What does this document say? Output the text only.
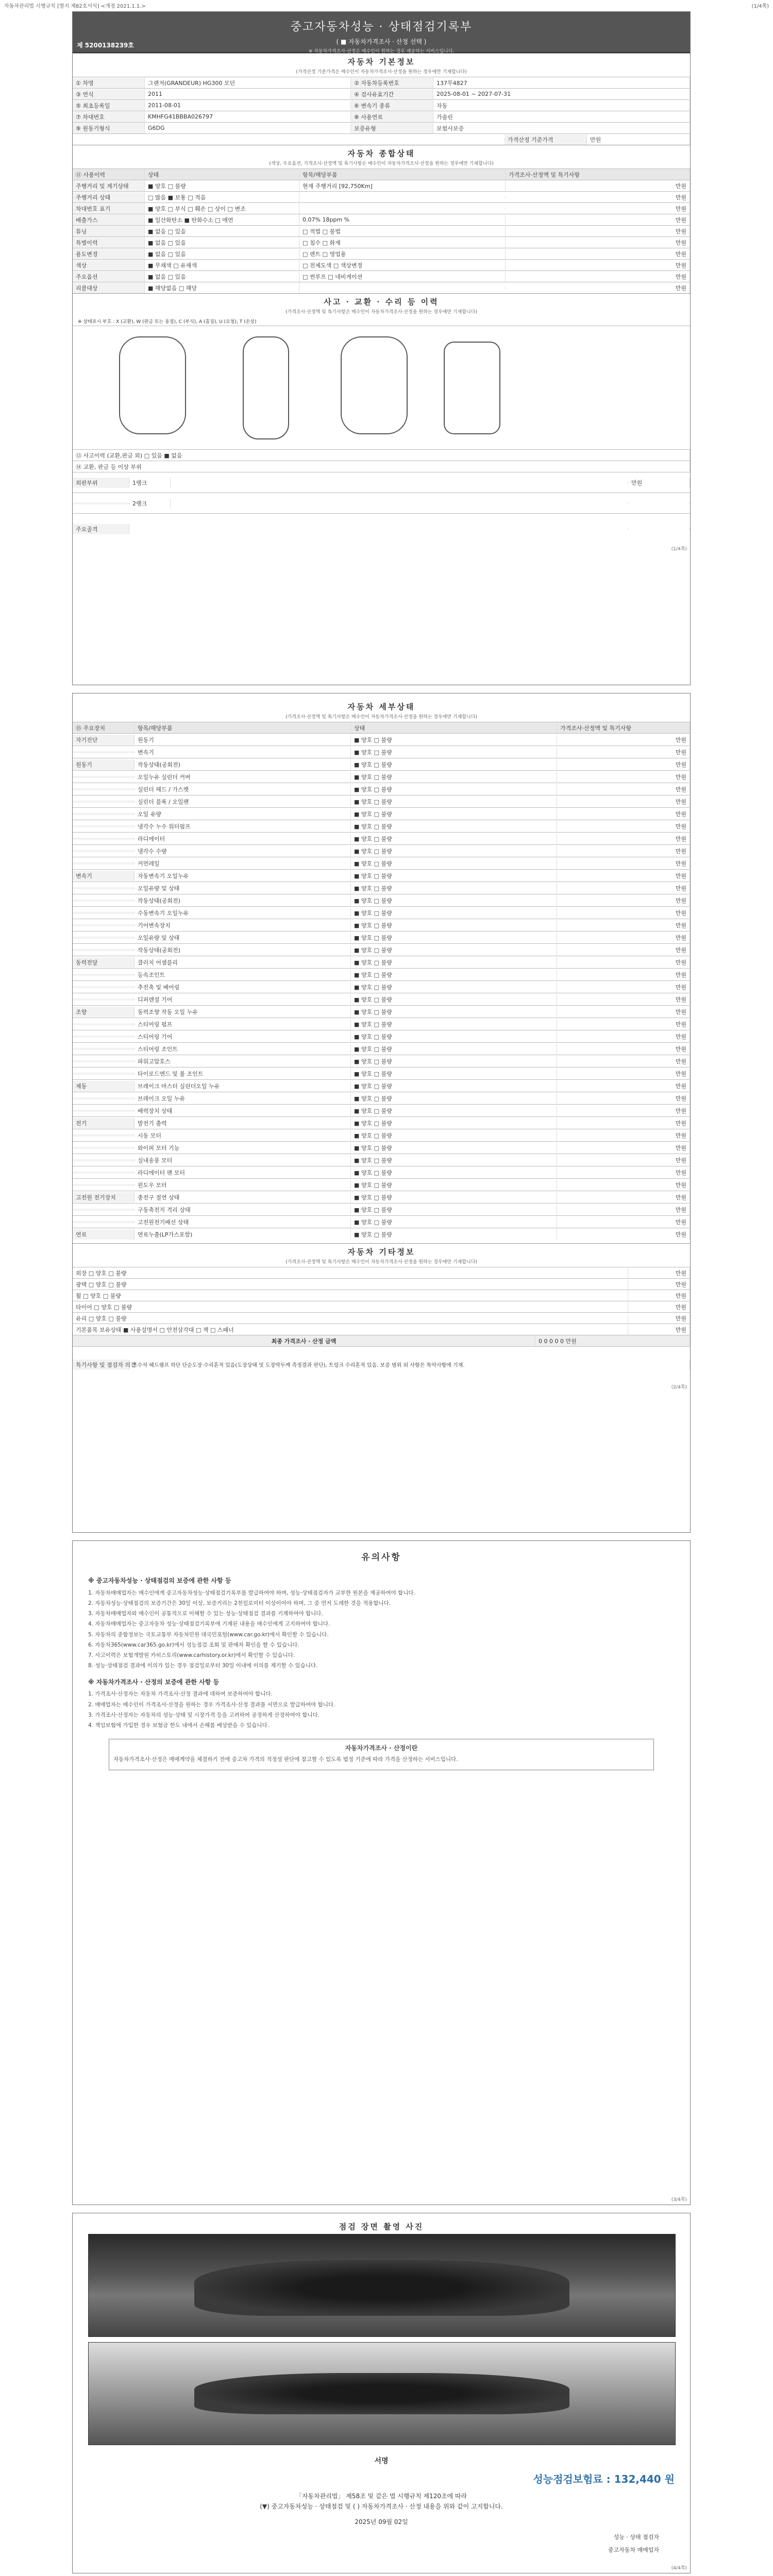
자동차관리법 시행규칙 [별지 제82호서식] <개정 2021.1.1.>	(1/4쪽)
중고자동차성능 · 상태점검기록부
( ■ 자동차가격조사 · 산정 선택 )
※ 자동차가격조사·산정은 매수인이 원하는 경우 제공하는 서비스입니다.
제 5200138239호
자동차 기본정보
(가격산정 기준가격은 매수인이 자동차가격조사·산정을 원하는 경우에만 기재합니다)
① 차명	그랜저(GRANDEUR) HG300 모던	② 자동차등록번호	137무4827
③ 연식	2011	④ 검사유효기간	2025-08-01 ~ 2027-07-31
⑤ 최초등록일	2011-08-01	⑥ 변속기 종류	자동
⑦ 차대번호	KMHFG41BBBA026797	⑧ 사용연료	가솔린
⑨ 원동기형식	G6DG	보증유형	보험사보증
가격산정 기준가격	만원
자동차 종합상태
(색상, 주요옵션, 가격조사·산정액 및 특기사항은 매수인이 자동차가격조사·산정을 원하는 경우에만 기재합니다)
⑪ 사용이력	상태	항목/해당부품	가격조사·산정액 및 특기사항
주행거리 및 계기상태	■ 양호 □ 불량	현재 주행거리 [92,750Km]	만원
주행거리 상태	□ 많음 ■ 보통 □ 적음	만원
차대번호 표기	■ 양호 □ 부식 □ 훼손 □ 상이 □ 변조	만원
배출가스	■ 일산화탄소 ■ 탄화수소 □ 매연	0.07% 18ppm %	만원
튜닝	■ 없음 □ 있음	□ 적법 □ 불법	만원
특별이력	■ 없음 □ 있음	□ 침수 □ 화재	만원
용도변경	■ 없음 □ 있음	□ 렌트 □ 영업용	만원
색상	■ 무채색 □ 유채색	□ 전체도색 □ 색상변경	만원
주요옵션	■ 없음 □ 있음	□ 썬루프 □ 네비게이션	만원
리콜대상	■ 해당없음 □ 해당	만원
사고 · 교환 · 수리 등 이력
(가격조사·산정액 및 특기사항은 매수인이 자동차가격조사·산정을 원하는 경우에만 기재합니다)
※ 상태표시 부호 : X (교환), W (판금 또는 용접), C (부식), A (흠집), U (요철), T (손상)
⑬ 사고이력 (교환,판금 외) □ 있음 ■ 없음
⑭ 교환, 판금 등 이상 부위
외판부위	1랭크	만원
2랭크
주요골격
(1/4쪽)
자동차 세부상태
(가격조사·산정액 및 특기사항은 매수인이 자동차가격조사·산정을 원하는 경우에만 기재합니다)
⑮ 주요장치	항목/해당부품	상태	가격조사·산정액 및 특기사항
자기진단	원동기	■ 양호 □ 불량	만원
변속기	■ 양호 □ 불량	만원
원동기	작동상태(공회전)	■ 양호 □ 불량	만원
오일누유 실린더 커버	■ 양호 □ 불량	만원
실린더 헤드 / 가스켓	■ 양호 □ 불량	만원
실린더 블록 / 오일팬	■ 양호 □ 불량	만원
오일 유량	■ 양호 □ 불량	만원
냉각수 누수 워터펌프	■ 양호 □ 불량	만원
라디에이터	■ 양호 □ 불량	만원
냉각수 수량	■ 양호 □ 불량	만원
커먼레일	■ 양호 □ 불량	만원
변속기	자동변속기 오일누유	■ 양호 □ 불량	만원
오일유량 및 상태	■ 양호 □ 불량	만원
작동상태(공회전)	■ 양호 □ 불량	만원
수동변속기 오일누유	■ 양호 □ 불량	만원
기어변속장치	■ 양호 □ 불량	만원
오일유량 및 상태	■ 양호 □ 불량	만원
작동상태(공회전)	■ 양호 □ 불량	만원
동력전달	클러치 어셈블리	■ 양호 □ 불량	만원
등속조인트	■ 양호 □ 불량	만원
추진축 및 베어링	■ 양호 □ 불량	만원
디퍼렌셜 기어	■ 양호 □ 불량	만원
조향	동력조향 작동 오일 누유	■ 양호 □ 불량	만원
스티어링 펌프	■ 양호 □ 불량	만원
스티어링 기어	■ 양호 □ 불량	만원
스티어링 조인트	■ 양호 □ 불량	만원
파워고압호스	■ 양호 □ 불량	만원
타이로드엔드 및 볼 조인트	■ 양호 □ 불량	만원
제동	브레이크 마스터 실린더오일 누유	■ 양호 □ 불량	만원
브레이크 오일 누유	■ 양호 □ 불량	만원
배력장치 상태	■ 양호 □ 불량	만원
전기	발전기 출력	■ 양호 □ 불량	만원
시동 모터	■ 양호 □ 불량	만원
와이퍼 모터 기능	■ 양호 □ 불량	만원
실내송풍 모터	■ 양호 □ 불량	만원
라디에이터 팬 모터	■ 양호 □ 불량	만원
윈도우 모터	■ 양호 □ 불량	만원
고전원 전기장치	충전구 절연 상태	■ 양호 □ 불량	만원
구동축전지 격리 상태	■ 양호 □ 불량	만원
고전원전기배선 상태	■ 양호 □ 불량	만원
연료	연료누출(LP가스포함)	■ 양호 □ 불량	만원
자동차 기타정보
(가격조사·산정액 및 특기사항은 매수인이 자동차가격조사·산정을 원하는 경우에만 기재합니다)
외장 □ 양호 □ 불량	만원
광택 □ 양호 □ 불량	만원
휠 □ 양호 □ 불량	만원
타이어 □ 양호 □ 불량	만원
유리 □ 양호 □ 불량	만원
기본품목 보유상태 ■ 사용설명서 □ 안전삼각대 □ 잭 □ 스패너	만원
최종 가격조사 · 산정 금액	0 0 0 0 0 만원
특기사항 및 점검자 의견
조수석 헤드램프 하단 단순도장·수리흔적 있음(도장상태 및 도장막두께 측정결과 판단), 트렁크 수리흔적 있음. 보증 범위 외 사항은 특약사항에 기재.
(2/4쪽)
유의사항
※ 중고자동차성능 · 상태점검의 보증에 관한 사항 등

1. 자동차매매업자는 매수인에게 중고자동차성능·상태점검기록부를 발급하여야 하며, 성능·상태점검자가 교부한 원본을 제공하여야 합니다.

2. 자동차성능·상태점검의 보증기간은 30일 이상, 보증거리는 2천킬로미터 이상이어야 하며, 그 중 먼저 도래한 것을 적용합니다.

3. 자동차매매업자와 매수인이 공통적으로 이해할 수 있는 성능·상태점검 결과를 기재하여야 합니다.

4. 자동차매매업자는 중고자동차 성능·상태점검기록부에 기재된 내용을 매수인에게 고지하여야 합니다.

5. 자동차의 종합정보는 국토교통부 자동차민원 대국민포털(www.car.go.kr)에서 확인할 수 있습니다.

6. 자동차365(www.car365.go.kr)에서 성능점검 조회 및 판매자 확인을 할 수 있습니다.

7. 사고이력은 보험개발원 카히스토리(www.carhistory.or.kr)에서 확인할 수 있습니다.

8. 성능·상태점검 결과에 이의가 있는 경우 점검일로부터 30일 이내에 이의를 제기할 수 있습니다.

※ 자동차가격조사 · 산정의 보증에 관한 사항 등

1. 가격조사·산정자는 자동차 가격조사·산정 결과에 대하여 보증하여야 합니다.

2. 매매업자는 매수인이 가격조사·산정을 원하는 경우 가격조사·산정 결과를 서면으로 발급하여야 합니다.

3. 가격조사·산정자는 자동차의 성능·상태 및 시장가격 등을 고려하여 공정하게 산정하여야 합니다.

4. 책임보험에 가입한 경우 보험금 한도 내에서 손해를 배상받을 수 있습니다.

자동차가격조사 · 산정이란

자동차가격조사·산정은 매매계약을 체결하기 전에 중고차 가격의 적정성 판단에 참고할 수 있도록 법정 기준에 따라 가격을 산정하는 서비스입니다.

(3/4쪽)
점검 장면 촬영 사진
서명
성능점검보험료 : 132,440 원
「자동차관리법」 제58조 및 같은 법 시행규칙 제120조에 따라
(▼) 중고자동차성능 · 상태점검 및 ( ) 자동차가격조사 · 산정 내용을 위와 같이 고지합니다.
2025년 09월 02일
성능 · 상태 점검자
중고자동차 매매업자
(4/4쪽)
